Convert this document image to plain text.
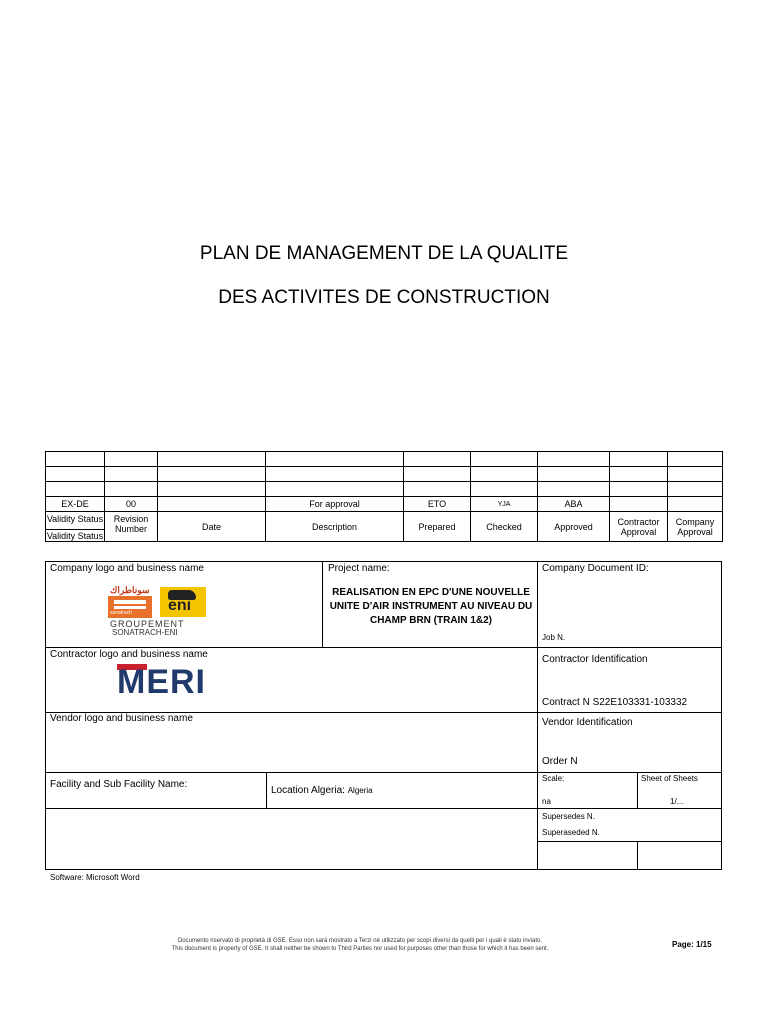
PLAN DE MANAGEMENT DE LA QUALITE
DES ACTIVITES DE CONSTRUCTION

EX-DE	00		For approval	ETO	YJA	ABA		

Validity Status
Validity Status	Revision Number	Date	Description	Prepared	Checked	Approved	Contractor Approval	Company Approval
Company logo and business name
سوناطراك
sonatrach eni
GROUPEMENT
SONATRACH-ENI
Project name:
REALISATION EN EPC D'UNE NOUVELLE UNITE D'AIR INSTRUMENT AU NIVEAU DU CHAMP BRN (TRAIN 1&2)
Company Document ID:
Job N.
Contractor logo and business name
MERI
Contractor Identification
Contract N S22E103331-103332
Vendor logo and business name	Vendor Identification
Order N
Facility and Sub Facility Name:
Location Algeria: Algeria
Scale:
na
Sheet of Sheets
1/...
Supersedes N.
Superaseded N.
Software: Microsoft Word
Documento riservato di proprietà di GSE. Esso non sarà mostrato a Terzi né utilizzato per scopi diversi da quelli per i quali è stato inviato.
This document is property of GSE. It shall neither be shown to Third Parties nor used for purposes other than those for which it has been sent.	Page: 1/15
